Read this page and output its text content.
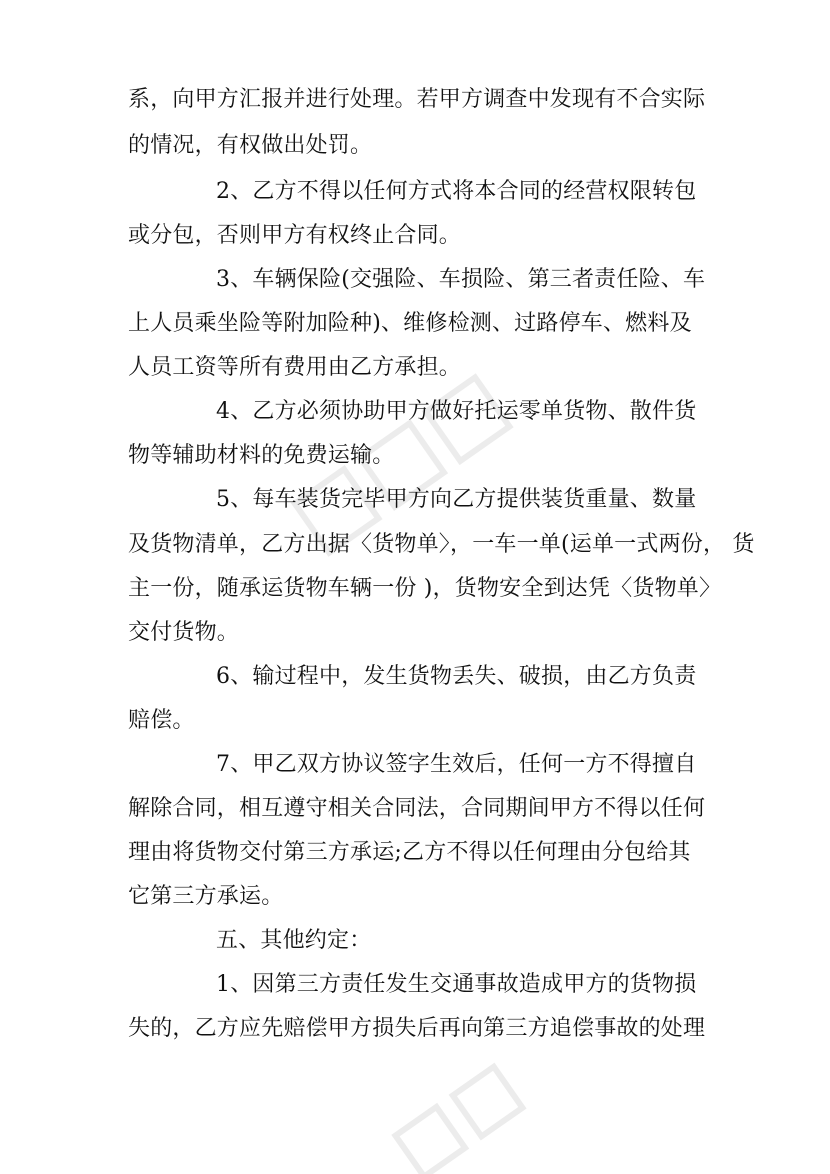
系，向甲方汇报并进行处理。若甲方调查中发现有不合实际
的情况，有权做出处罚。
2、乙方不得以任何方式将本合同的经营权限转包
或分包，否则甲方有权终止合同。
3、车辆保险(交强险、车损险、第三者责任险、车
上人员乘坐险等附加险种)、维修检测、过路停车、燃料及
人员工资等所有费用由乙方承担。
4、乙方必须协助甲方做好托运零单货物、散件货
物等辅助材料的免费运输。
5、每车装货完毕甲方向乙方提供装货重量、数量
及货物清单，乙方出据〈货物单〉，一车一单(运单一式两份， 货
主一份，随承运货物车辆一份 )，货物安全到达凭〈货物单〉
交付货物。
6、输过程中，发生货物丢失、破损，由乙方负责
赔偿。
7、甲乙双方协议签字生效后，任何一方不得擅自
解除合同，相互遵守相关合同法，合同期间甲方不得以任何
理由将货物交付第三方承运;乙方不得以任何理由分包给其
它第三方承运。
五、其他约定：
1、因第三方责任发生交通事故造成甲方的货物损
失的，乙方应先赔偿甲方损失后再向第三方追偿事故的处理
